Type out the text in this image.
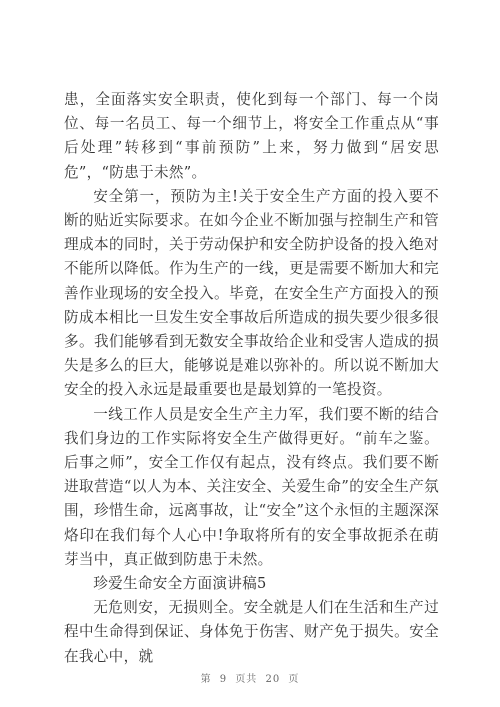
患，全面落实安全职责，使化到每一个部门、每一个岗位、每一名员工、每一个细节上，将安全工作重点从“事后处理”转移到“事前预防”上来，努力做到“居安思危”，“防患于未然”。

安全第一，预防为主!关于安全生产方面的投入要不断的贴近实际要求。在如今企业不断加强与控制生产和管理成本的同时，关于劳动保护和安全防护设备的投入绝对不能所以降低。作为生产的一线，更是需要不断加大和完善作业现场的安全投入。毕竟，在安全生产方面投入的预防成本相比一旦发生安全事故后所造成的损失要少很多很多。我们能够看到无数安全事故给企业和受害人造成的损失是多么的巨大，能够说是难以弥补的。所以说不断加大安全的投入永远是最重要也是最划算的一笔投资。

一线工作人员是安全生产主力军，我们要不断的结合我们身边的工作实际将安全生产做得更好。“前车之鉴。后事之师”，安全工作仅有起点，没有终点。我们要不断进取营造“以人为本、关注安全、关爱生命”的安全生产氛围，珍惜生命，远离事故，让“安全”这个永恒的主题深深烙印在我们每个人心中!争取将所有的安全事故扼杀在萌芽当中，真正做到防患于未然。

珍爱生命安全方面演讲稿5

无危则安，无损则全。安全就是人们在生活和生产过程中生命得到保证、身体免于伤害、财产免于损失。安全在我心中，就

第 9 页共 20 页
